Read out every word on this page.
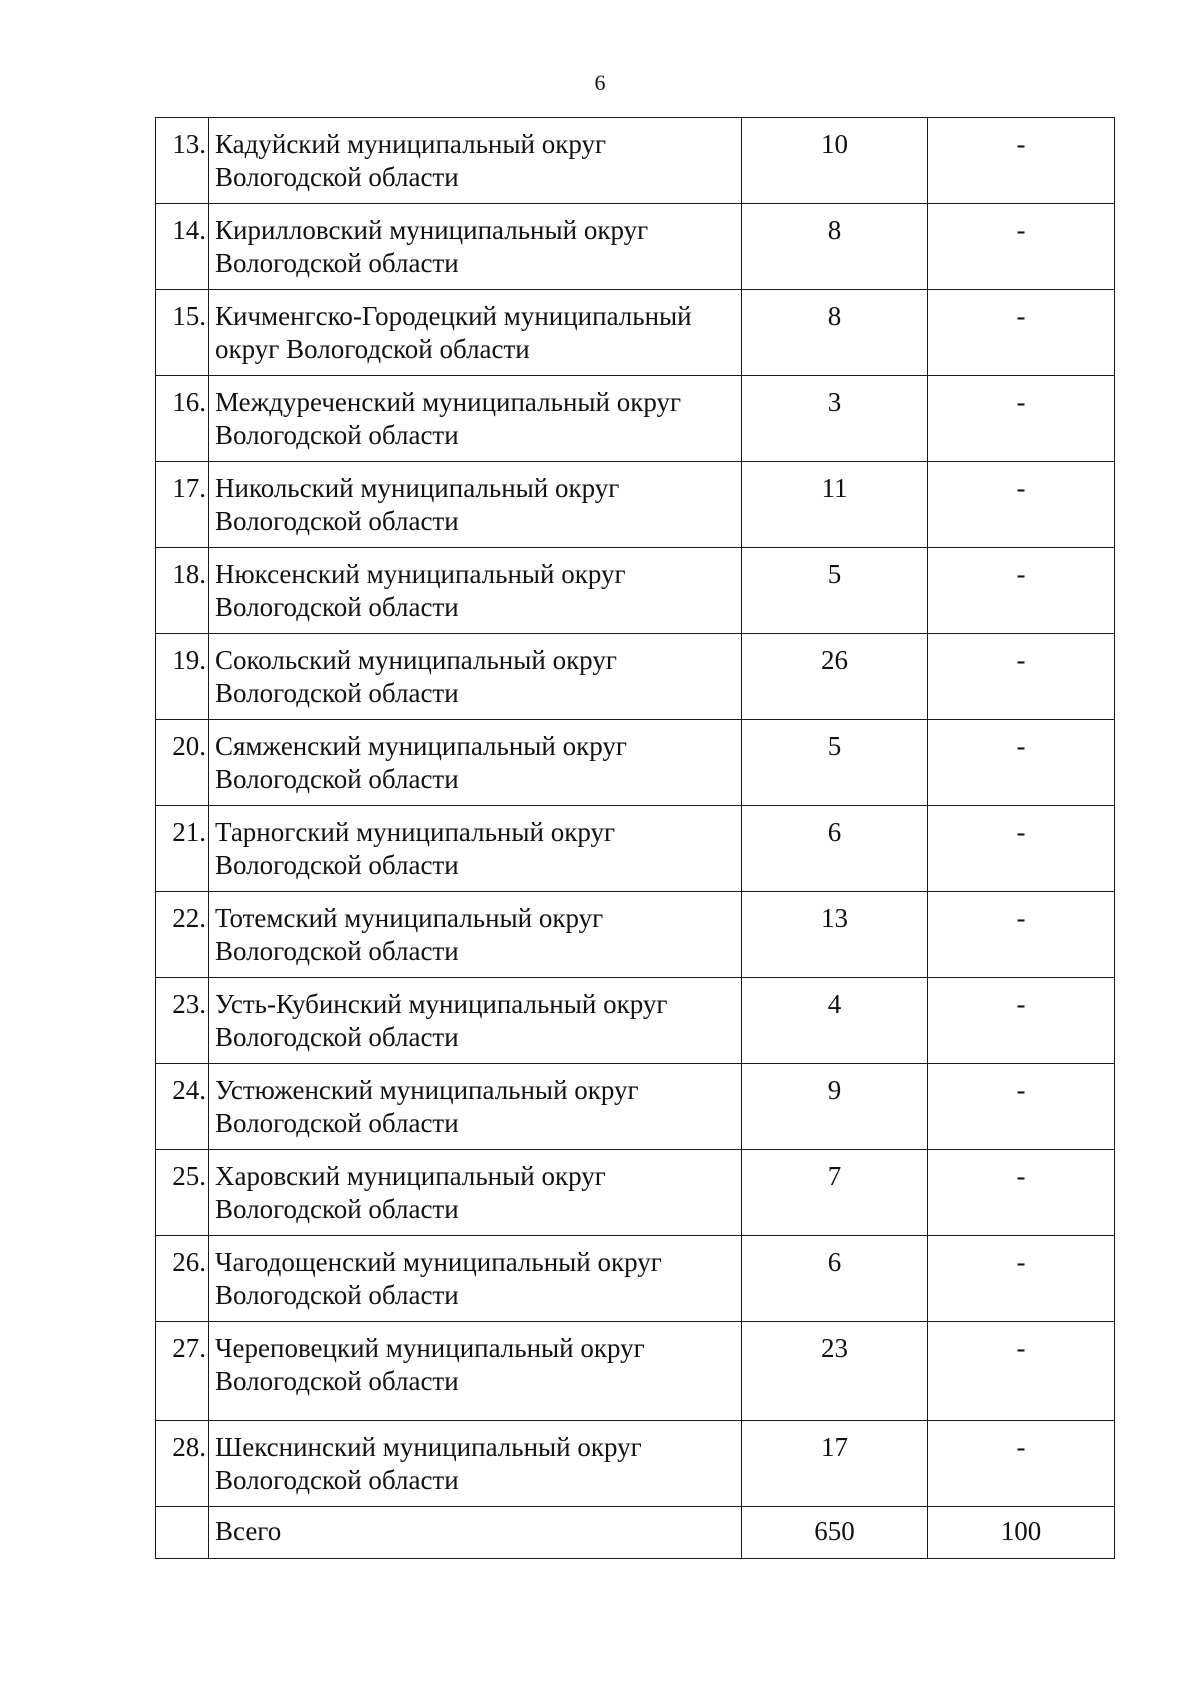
6
13.	Кадуйский муниципальный округ Вологодской области	10	-
14.	Кирилловский муниципальный округ Вологодской области	8	-
15.	Кичменгско-Городецкий муниципальный округ Вологодской области	8	-
16.	Междуреченский муниципальный округ Вологодской области	3	-
17.	Никольский муниципальный округ Вологодской области	11	-
18.	Нюксенский муниципальный округ Вологодской области	5	-
19.	Сокольский муниципальный округ Вологодской области	26	-
20.	Сямженский муниципальный округ Вологодской области	5	-
21.	Тарногский муниципальный округ Вологодской области	6	-
22.	Тотемский муниципальный округ Вологодской области	13	-
23.	Усть-Кубинский муниципальный округ Вологодской области	4	-
24.	Устюженский муниципальный округ Вологодской области	9	-
25.	Харовский муниципальный округ Вологодской области	7	-
26.	Чагодощенский муниципальный округ Вологодской области	6	-
27.	Череповецкий муниципальный округ Вологодской области	23	-
28.	Шекснинский муниципальный округ Вологодской области	17	-
	Всего	650	100
